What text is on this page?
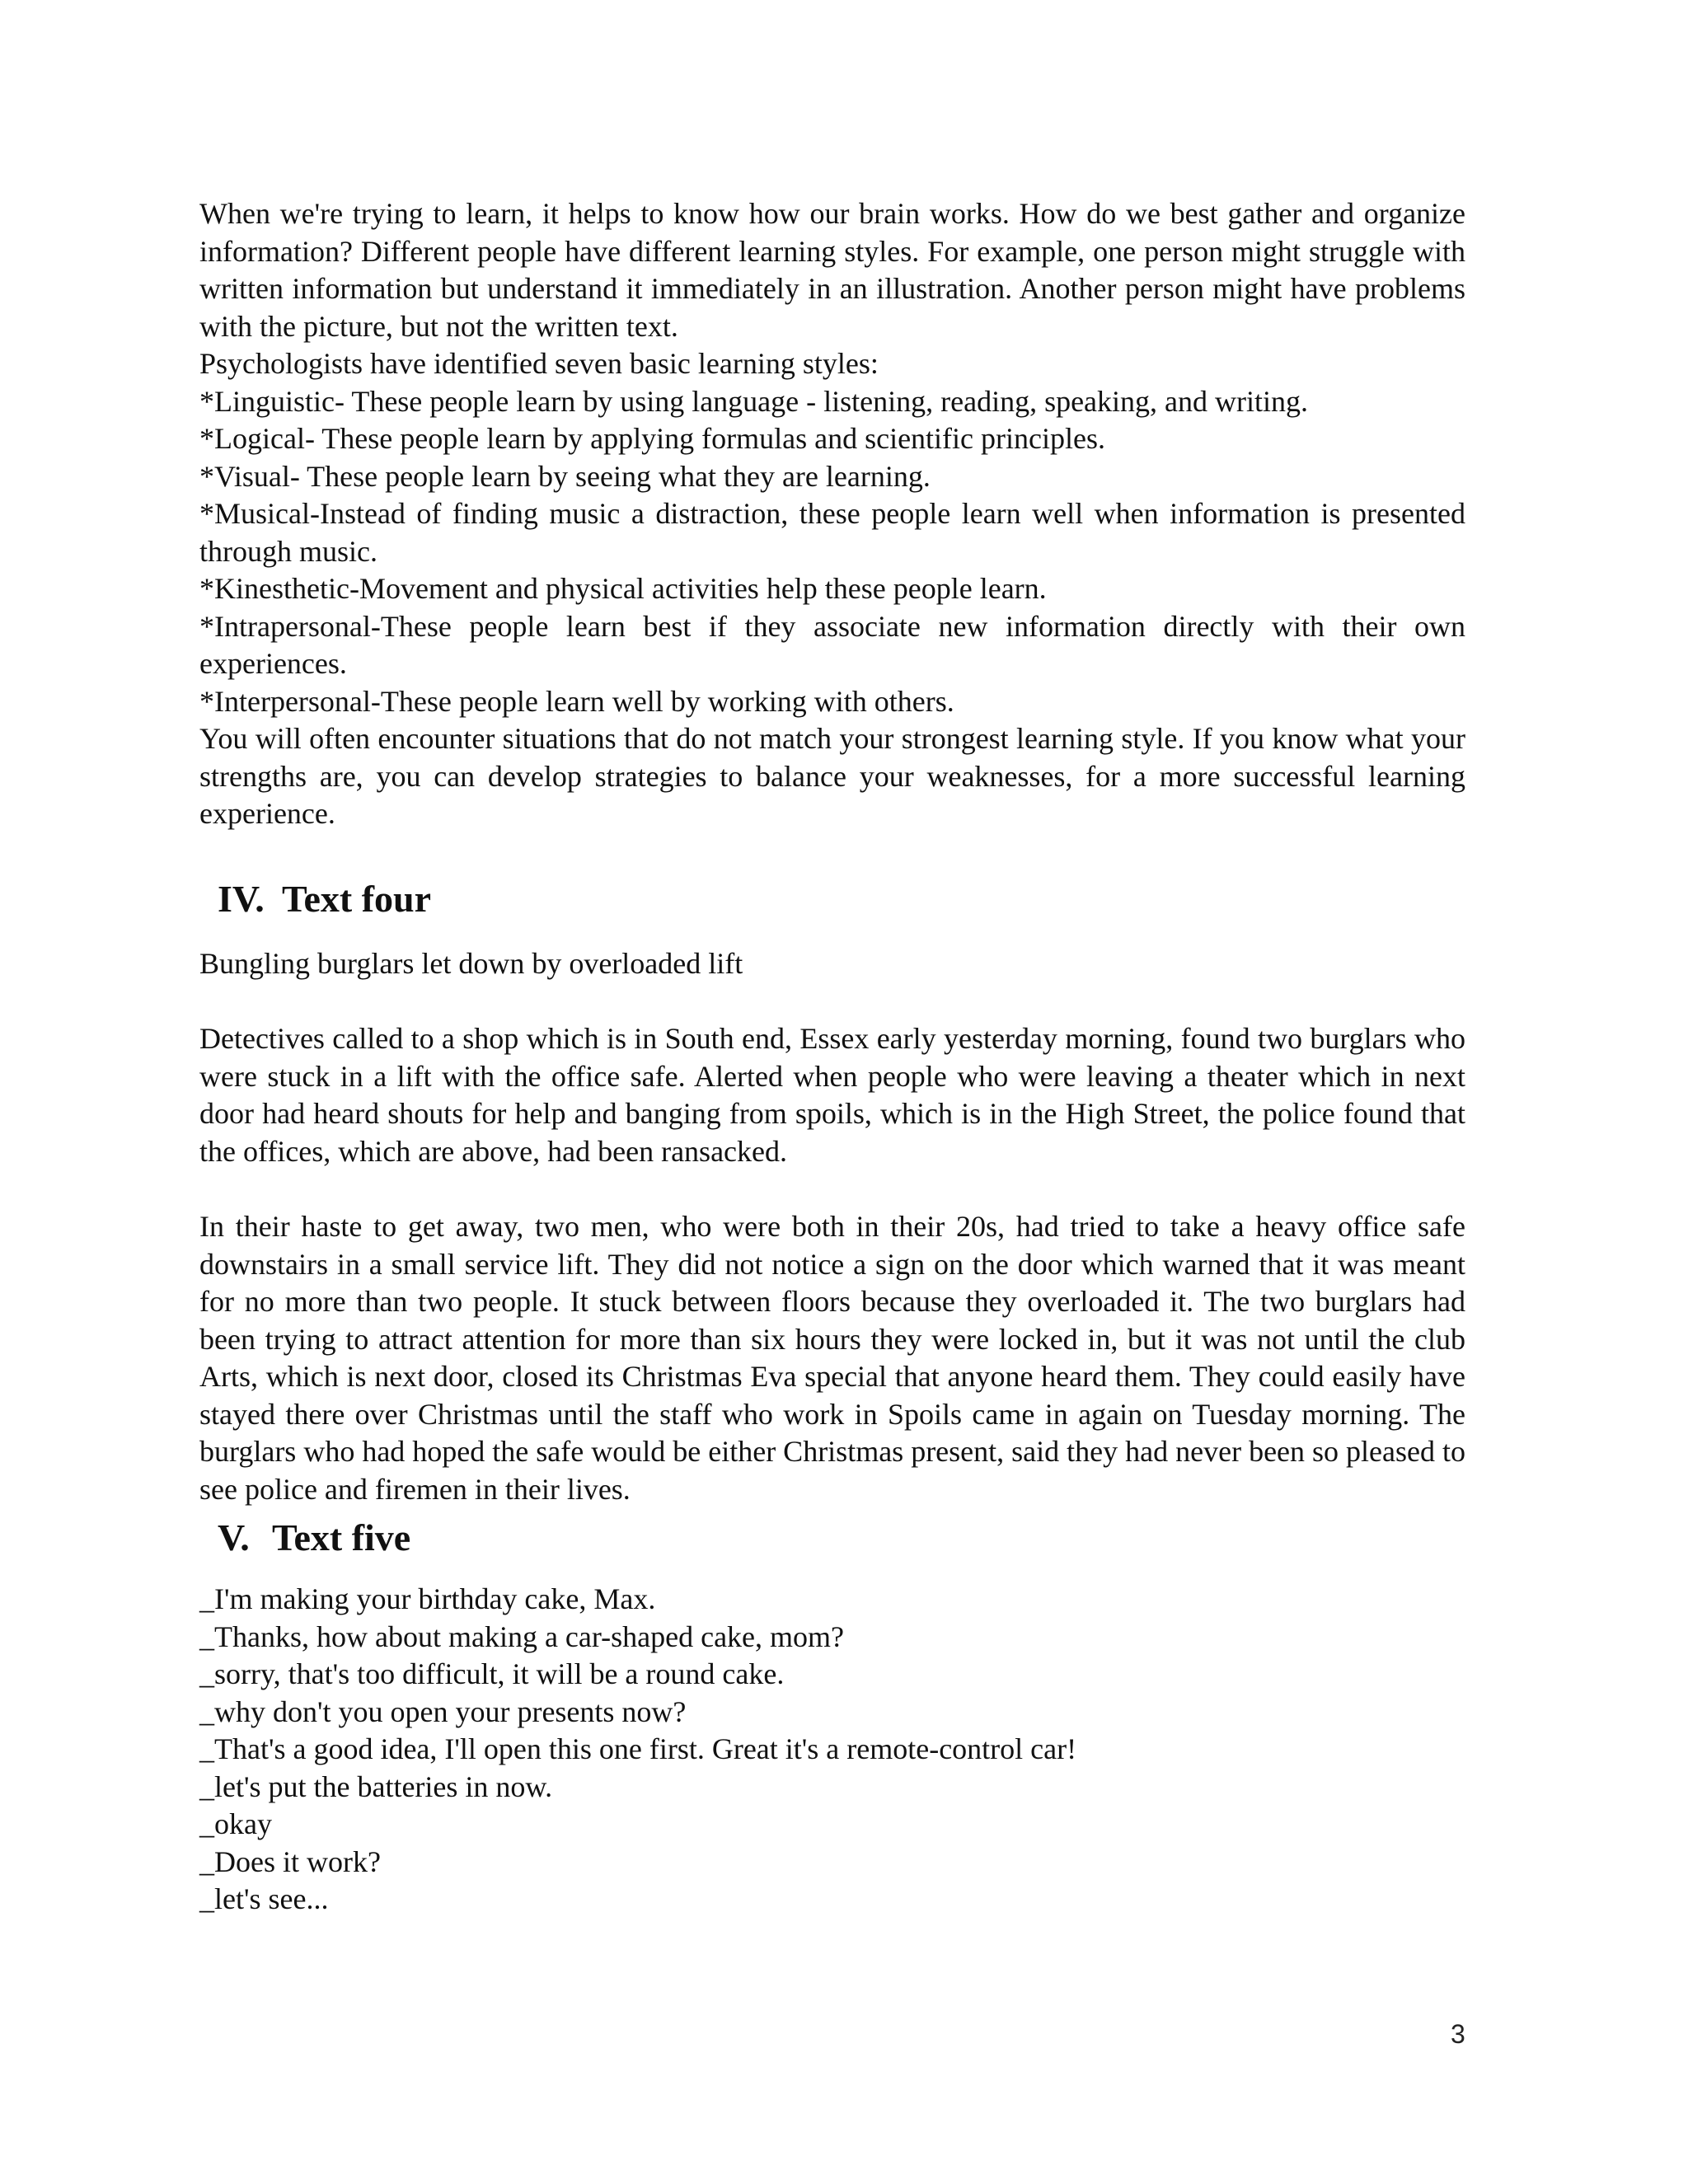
When we're trying to learn, it helps to know how our brain works. How do we best gather and organize information? Different people have different learning styles. For example, one person might struggle with written information but understand it immediately in an illustration. Another person might have problems with the picture, but not the written text.

Psychologists have identified seven basic learning styles:

*Linguistic- These people learn by using language - listening, reading, speaking, and writing.

*Logical- These people learn by applying formulas and scientific principles.

*Visual- These people learn by seeing what they are learning.

*Musical-Instead of finding music a distraction, these people learn well when information is presented through music.

*Kinesthetic-Movement and physical activities help these people learn.

*Intrapersonal-These people learn best if they associate new information directly with their own experiences.

*Interpersonal-These people learn well by working with others.

You will often encounter situations that do not match your strongest learning style. If you know what your strengths are, you can develop strategies to balance your weaknesses, for a more successful learning experience.

IV. Text four

Bungling burglars let down by overloaded lift

Detectives called to a shop which is in South end, Essex early yesterday morning, found two burglars who were stuck in a lift with the office safe. Alerted when people who were leaving a theater which in next door had heard shouts for help and banging from spoils, which is in the High Street, the police found that the offices, which are above, had been ransacked.

In their haste to get away, two men, who were both in their 20s, had tried to take a heavy office safe downstairs in a small service lift. They did not notice a sign on the door which warned that it was meant for no more than two people. It stuck between floors because they overloaded it. The two burglars had been trying to attract attention for more than six hours they were locked in, but it was not until the club Arts, which is next door, closed its Christmas Eva special that anyone heard them. They could easily have stayed there over Christmas until the staff who work in Spoils came in again on Tuesday morning. The burglars who had hoped the safe would be either Christmas present, said they had never been so pleased to see police and firemen in their lives.

V. Text five

_I'm making your birthday cake, Max.

_Thanks, how about making a car-shaped cake, mom?

_sorry, that's too difficult, it will be a round cake.

_why don't you open your presents now?

_That's a good idea, I'll open this one first. Great it's a remote-control car!

_let's put the batteries in now.

_okay

_Does it work?

_let's see...

3
